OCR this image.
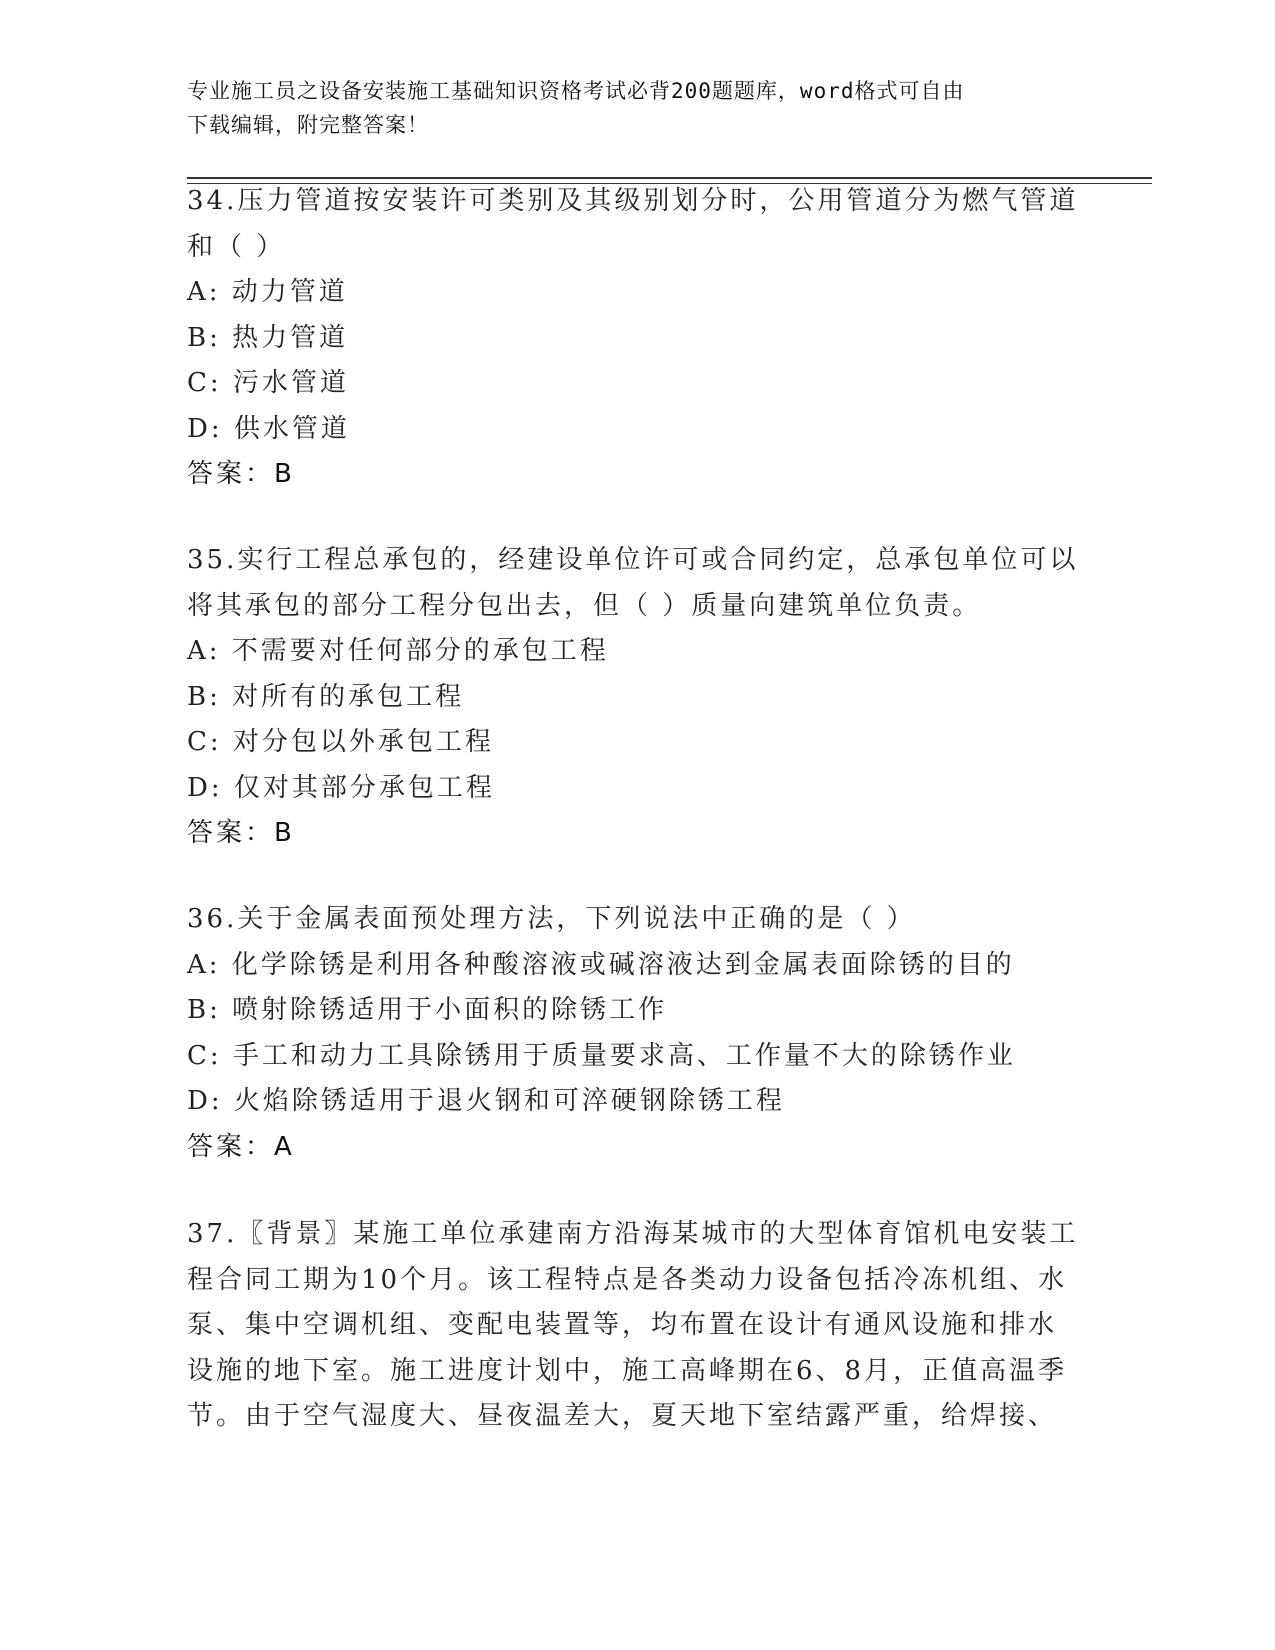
专业施工员之设备安装施工基础知识资格考试必背200题题库，word格式可自由
下载编辑，附完整答案！

34.压力管道按安装许可类别及其级别划分时，公用管道分为燃气管道

和（ ）

A: 动力管道

B: 热力管道

C: 污水管道

D: 供水管道

答案：B

35.实行工程总承包的，经建设单位许可或合同约定，总承包单位可以

将其承包的部分工程分包出去，但（ ）质量向建筑单位负责。

A: 不需要对任何部分的承包工程

B: 对所有的承包工程

C: 对分包以外承包工程

D: 仅对其部分承包工程

答案：B

36.关于金属表面预处理方法，下列说法中正确的是（ ）

A: 化学除锈是利用各种酸溶液或碱溶液达到金属表面除锈的目的

B: 喷射除锈适用于小面积的除锈工作

C: 手工和动力工具除锈用于质量要求高、工作量不大的除锈作业

D: 火焰除锈适用于退火钢和可淬硬钢除锈工程

答案：A

37.〖背景〗某施工单位承建南方沿海某城市的大型体育馆机电安装工

程合同工期为10个月。该工程特点是各类动力设备包括冷冻机组、水

泵、集中空调机组、变配电装置等，均布置在设计有通风设施和排水

设施的地下室。施工进度计划中，施工高峰期在6、8月，正值高温季

节。由于空气湿度大、昼夜温差大，夏天地下室结露严重，给焊接、
